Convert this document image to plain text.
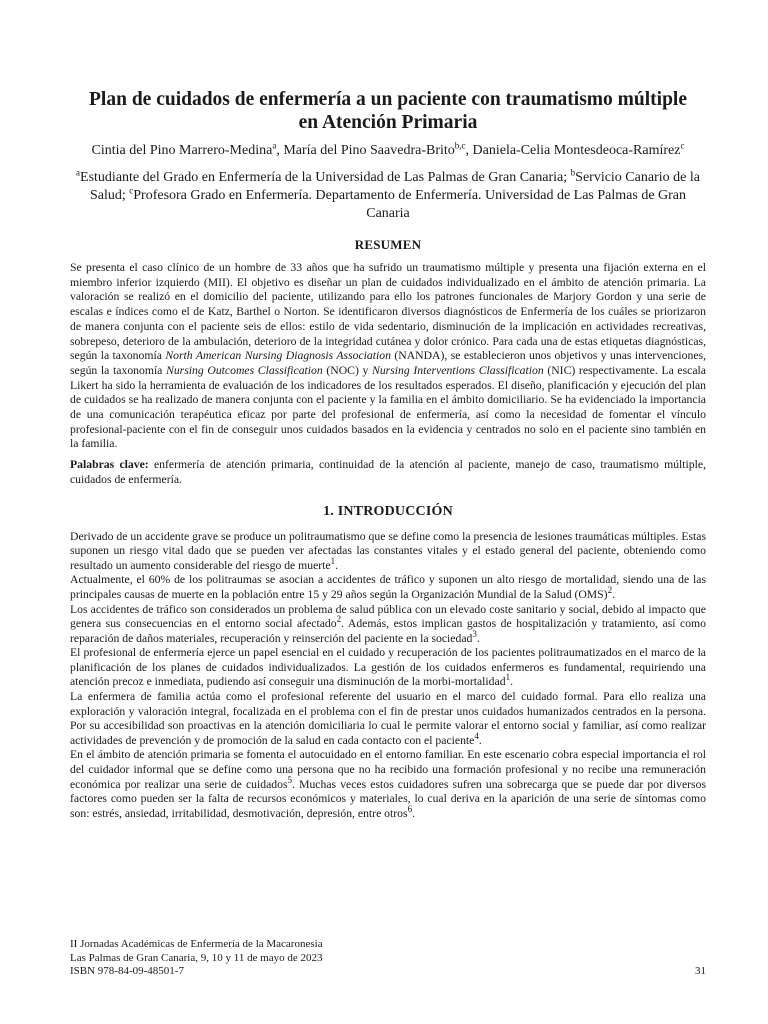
Plan de cuidados de enfermería a un paciente con traumatismo múltiple
en Atención Primaria
Cintia del Pino Marrero-Medina$^a$, María del Pino Saavedra-Brito$^{b,c}$, Daniela-Celia Montesdeoca-Ramírez$^c$
$^a$Estudiante del Grado en Enfermería de la Universidad de Las Palmas de Gran Canaria; $^b$Servicio Canario de la Salud; $^c$Profesora Grado en Enfermería. Departamento de Enfermería. Universidad de Las Palmas de Gran Canaria
RESUMEN
Se presenta el caso clínico de un hombre de 33 años que ha sufrido un traumatismo múltiple y presenta una fijación externa en el miembro inferior izquierdo (MII). El objetivo es diseñar un plan de cuidados individualizado en el ámbito de atención primaria. La valoración se realizó en el domicilio del paciente, utilizando para ello los patrones funcionales de Marjory Gordon y una serie de escalas e índices como el de Katz, Barthel o Norton. Se identificaron diversos diagnósticos de Enfermería de los cuáles se priorizaron de manera conjunta con el paciente seis de ellos: estilo de vida sedentario, disminución de la implicación en actividades recreativas, sobrepeso, deterioro de la ambulación, deterioro de la integridad cutánea y dolor crónico. Para cada una de estas etiquetas diagnósticas, según la taxonomía North American Nursing Diagnosis Association (NANDA), se establecieron unos objetivos y unas intervenciones, según la taxonomía Nursing Outcomes Classification (NOC) y Nursing Interventions Classification (NIC) respectivamente. La escala Likert ha sido la herramienta de evaluación de los indicadores de los resultados esperados. El diseño, planificación y ejecución del plan de cuidados se ha realizado de manera conjunta con el paciente y la familia en el ámbito domiciliario. Se ha evidenciado la importancia de una comunicación terapéutica eficaz por parte del profesional de enfermería, así como la necesidad de fomentar el vínculo profesional-paciente con el fin de conseguir unos cuidados basados en la evidencia y centrados no solo en el paciente sino también en la familia.
Palabras clave: enfermería de atención primaria, continuidad de la atención al paciente, manejo de caso, traumatismo múltiple, cuidados de enfermería.
1. INTRODUCCIÓN

Derivado de un accidente grave se produce un politraumatismo que se define como la presencia de lesiones traumáticas múltiples. Estas suponen un riesgo vital dado que se pueden ver afectadas las constantes vitales y el estado general del paciente, obteniendo como resultado un aumento considerable del riesgo de muerte$^1$.

Actualmente, el 60% de los politraumas se asocian a accidentes de tráfico y suponen un alto riesgo de mortalidad, siendo una de las principales causas de muerte en la población entre 15 y 29 años según la Organización Mundial de la Salud (OMS)$^2$.

Los accidentes de tráfico son considerados un problema de salud pública con un elevado coste sanitario y social, debido al impacto que genera sus consecuencias en el entorno social afectado$^2$. Además, estos implican gastos de hospitalización y tratamiento, así como reparación de daños materiales, recuperación y reinserción del paciente en la sociedad$^3$.

El profesional de enfermería ejerce un papel esencial en el cuidado y recuperación de los pacientes politraumatizados en el marco de la planificación de los planes de cuidados individualizados. La gestión de los cuidados enfermeros es fundamental, requiriendo una atención precoz e inmediata, pudiendo así conseguir una disminución de la morbi-mortalidad$^1$.

La enfermera de familia actúa como el profesional referente del usuario en el marco del cuidado formal. Para ello realiza una exploración y valoración integral, focalizada en el problema con el fin de prestar unos cuidados humanizados centrados en la persona. Por su accesibilidad son proactivas en la atención domiciliaria lo cual le permite valorar el entorno social y familiar, así como realizar actividades de prevención y de promoción de la salud en cada contacto con el paciente$^4$.

En el ámbito de atención primaria se fomenta el autocuidado en el entorno familiar. En este escenario cobra especial importancia el rol del cuidador informal que se define como una persona que no ha recibido una formación profesional y no recibe una remuneración económica por realizar una serie de cuidados$^5$. Muchas veces estos cuidadores sufren una sobrecarga que se puede dar por diversos factores como pueden ser la falta de recursos económicos y materiales, lo cual deriva en la aparición de una serie de síntomas como son: estrés, ansiedad, irritabilidad, desmotivación, depresión, entre otros$^6$.

II Jornadas Académicas de Enfermería de la Macaronesia
Las Palmas de Gran Canaria, 9, 10 y 11 de mayo de 2023
ISBN 978-84-09-48501-7	31
